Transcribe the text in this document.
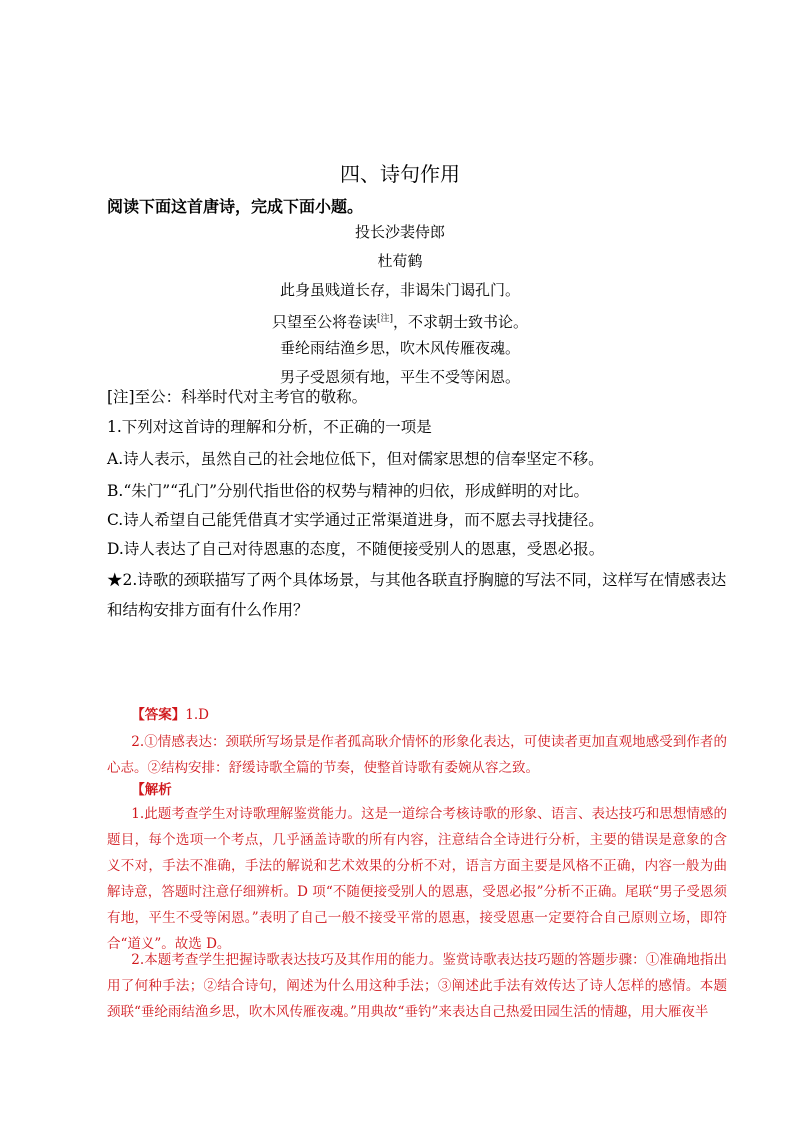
四、诗句作用
阅读下面这首唐诗，完成下面小题。
投长沙裴侍郎
杜荀鹤
此身虽贱道长存，非谒朱门谒孔门。
只望至公将卷读[注]，不求朝士致书论。
垂纶雨结渔乡思，吹木风传雁夜魂。
男子受恩须有地，平生不受等闲恩。
[注]至公：科举时代对主考官的敬称。
1.下列对这首诗的理解和分析，不正确的一项是
A.诗人表示，虽然自己的社会地位低下，但对儒家思想的信奉坚定不移。
B.“朱门”“孔门”分别代指世俗的权势与精神的归依，形成鲜明的对比。
C.诗人希望自己能凭借真才实学通过正常渠道进身，而不愿去寻找捷径。
D.诗人表达了自己对待恩惠的态度，不随便接受别人的恩惠，受恩必报。
★2.诗歌的颈联描写了两个具体场景，与其他各联直抒胸臆的写法不同，这样写在情感表达和结构安排方面有什么作用？
【答案】1.D
2.①情感表达：颈联所写场景是作者孤高耿介情怀的形象化表达，可使读者更加直观地感受到作者的心志。②结构安排：舒缓诗歌全篇的节奏，使整首诗歌有委婉从容之致。
【解析
1.此题考查学生对诗歌理解鉴赏能力。这是一道综合考核诗歌的形象、语言、表达技巧和思想情感的题目，每个选项一个考点，几乎涵盖诗歌的所有内容，注意结合全诗进行分析，主要的错误是意象的含义不对，手法不准确，手法的解说和艺术效果的分析不对，语言方面主要是风格不正确，内容一般为曲解诗意，答题时注意仔细辨析。D 项“不随便接受别人的恩惠，受恩必报”分析不正确。尾联“男子受恩须有地，平生不受等闲恩。”表明了自己一般不接受平常的恩惠，接受恩惠一定要符合自己原则立场，即符合“道义”。故选 D。
2.本题考查学生把握诗歌表达技巧及其作用的能力。鉴赏诗歌表达技巧题的答题步骤：①准确地指出用了何种手法；②结合诗句，阐述为什么用这种手法；③阐述此手法有效传达了诗人怎样的感情。本题颈联“垂纶雨结渔乡思，吹木风传雁夜魂。”用典故“垂钓”来表达自己热爱田园生活的情趣，用大雁夜半
